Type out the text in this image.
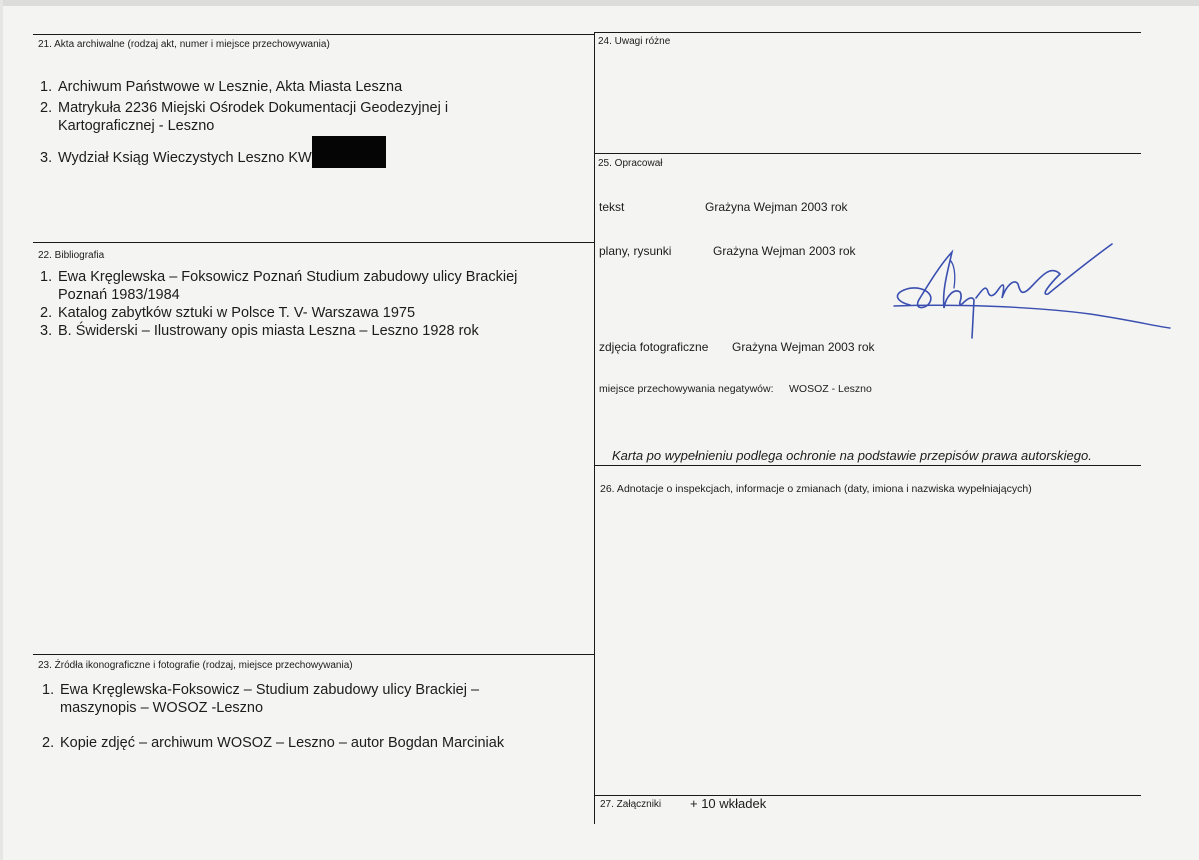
21. Akta archiwalne (rodzaj akt, numer i miejsce przechowywania)
1. Archiwum Państwowe w Lesznie, Akta Miasta Leszna
2. Matrykuła 2236 Miejski Ośrodek Dokumentacji Geodezyjnej i
Kartograficznej - Leszno
3. Wydział Ksiąg Wieczystych Leszno KW
22. Bibliografia
1. Ewa Kręglewska – Foksowicz Poznań Studium zabudowy ulicy Brackiej
Poznań 1983/1984
2. Katalog zabytków sztuki w Polsce T. V- Warszawa 1975
3. B. Świderski – Ilustrowany opis miasta Leszna – Leszno 1928 rok
23. Źródła ikonograficzne i fotografie (rodzaj, miejsce przechowywania)
1. Ewa Kręglewska-Foksowicz – Studium zabudowy ulicy Brackiej –
maszynopis – WOSOZ -Leszno
2. Kopie zdjęć – archiwum WOSOZ – Leszno – autor Bogdan Marciniak
24. Uwagi różne
25. Opracował
tekst	Grażyna Wejman 2003 rok
plany, rysunki	Grażyna Wejman 2003 rok
zdjęcia fotograficzne Grażyna Wejman 2003 rok
miejsce przechowywania negatywów: WOSOZ - Leszno
Karta po wypełnieniu podlega ochronie na podstawie przepisów prawa autorskiego.
26. Adnotacje o inspekcjach, informacje o zmianach (daty, imiona i nazwiska wypełniających)
27. Załączniki + 10 wkładek
